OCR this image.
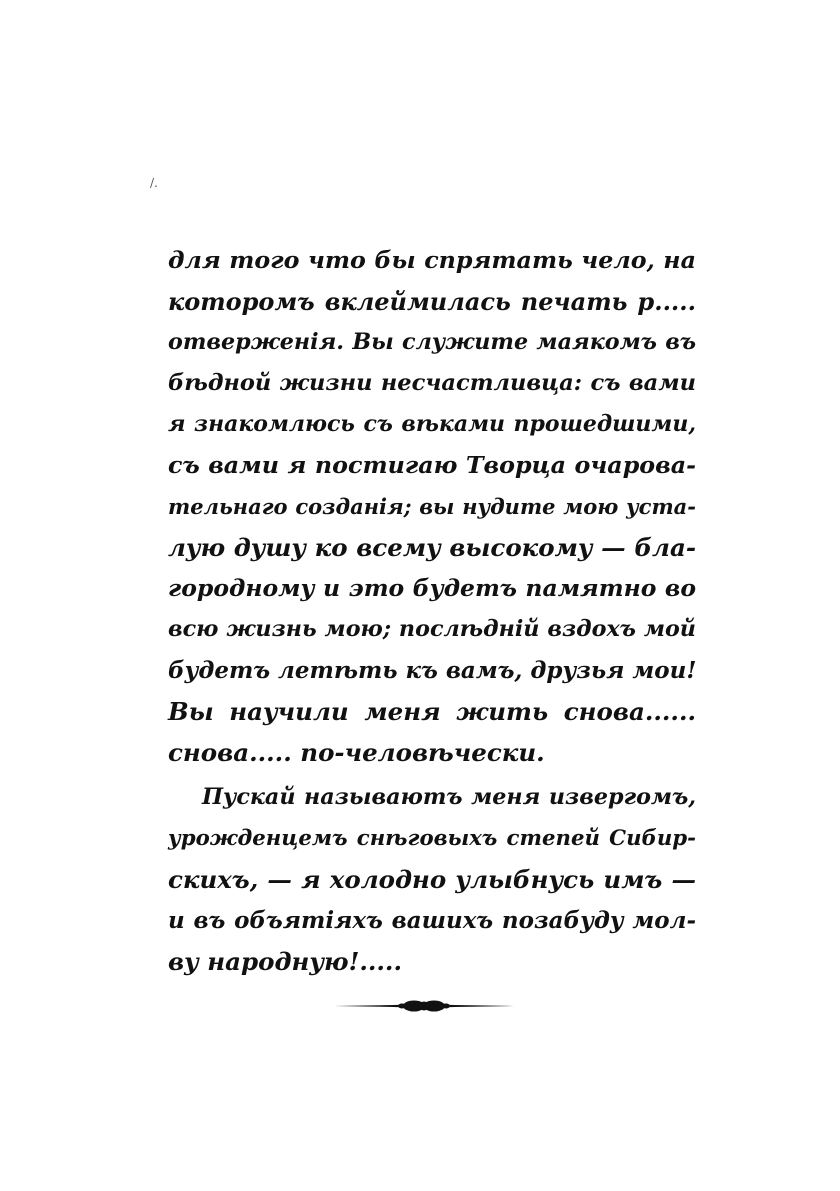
/.
для того что бы спрятать чело, на
которомъ вклеймилась печать р.....
отверженія. Вы служите маякомъ въ
бѣдной жизни несчастливца: съ вами
я знакомлюсь съ вѣками прошедшими,
съ вами я постигаю Творца очарова-
тельнаго созданія; вы нудите мою уста-
лую душу ко всему высокому — бла-
городному и это будетъ памятно во
всю жизнь мою; послѣдній вздохъ мой
будетъ летѣть къ вамъ, друзья мои!
Вы научили меня жить снова......
снова..... по-человѣчески.
Пускай называютъ меня извергомъ,
урожденцемъ снѣговыхъ степей Сибир-
скихъ, — я холодно улыбнусь имъ —
и въ объятіяхъ вашихъ позабуду мол-
ву народную!.....
